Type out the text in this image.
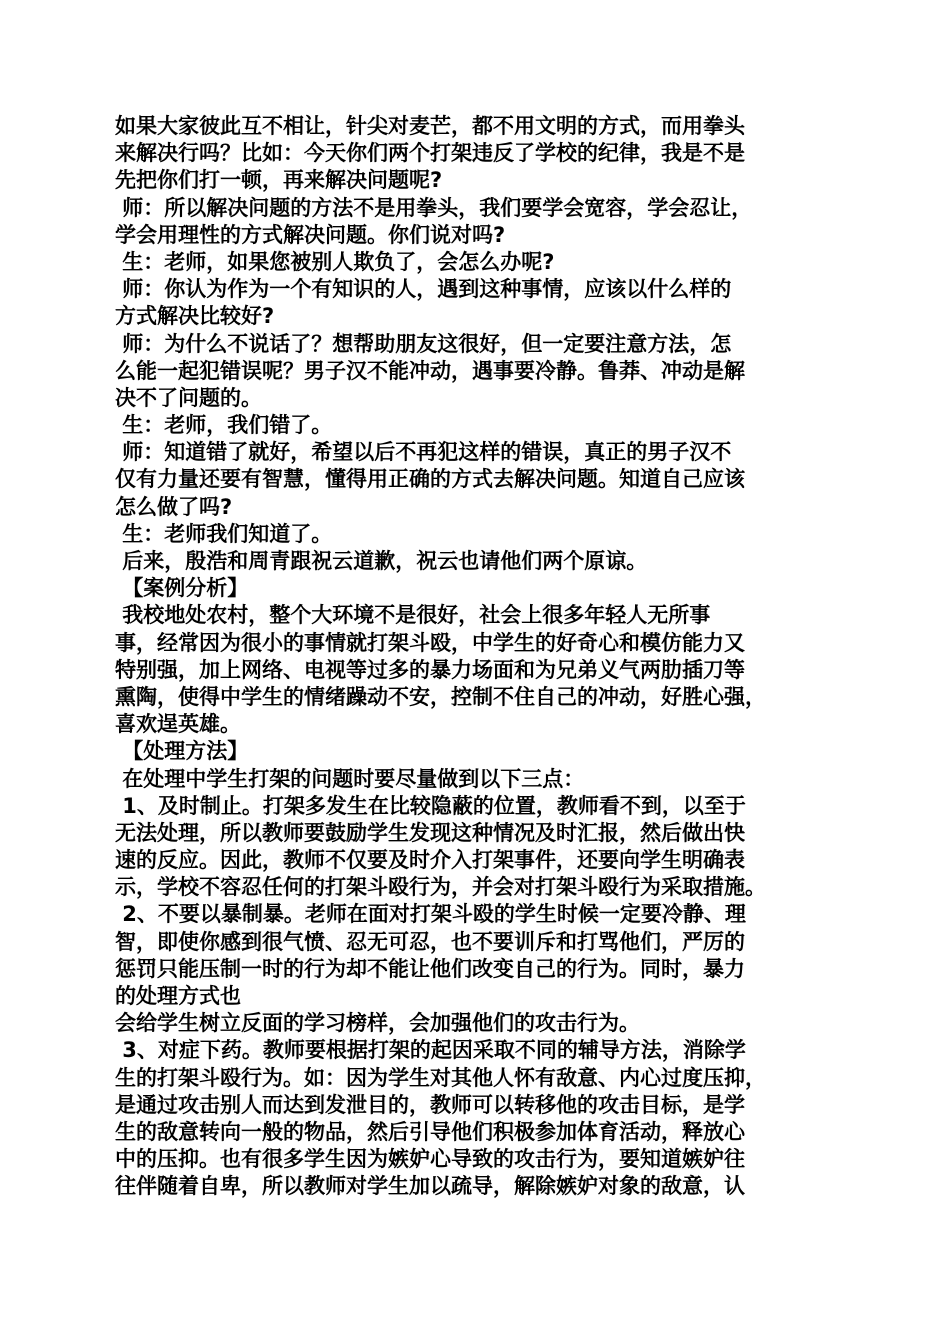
如果大家彼此互不相让，针尖对麦芒，都不用文明的方式，而用拳头
来解决行吗？比如：今天你们两个打架违反了学校的纪律，我是不是
先把你们打一顿，再来解决问题呢?
师：所以解决问题的方法不是用拳头，我们要学会宽容，学会忍让，
学会用理性的方式解决问题。你们说对吗?
生：老师，如果您被别人欺负了，会怎么办呢?
师：你认为作为一个有知识的人，遇到这种事情，应该以什么样的
方式解决比较好?
师：为什么不说话了？想帮助朋友这很好，但一定要注意方法，怎
么能一起犯错误呢？男子汉不能冲动，遇事要冷静。鲁莽、冲动是解
决不了问题的。
生：老师，我们错了。
师：知道错了就好，希望以后不再犯这样的错误，真正的男子汉不
仅有力量还要有智慧，懂得用正确的方式去解决问题。知道自己应该
怎么做了吗?
生：老师我们知道了。
后来，殷浩和周青跟祝云道歉，祝云也请他们两个原谅。
【案例分析】
我校地处农村，整个大环境不是很好，社会上很多年轻人无所事
事，经常因为很小的事情就打架斗殴，中学生的好奇心和模仿能力又
特别强，加上网络、电视等过多的暴力场面和为兄弟义气两肋插刀等
熏陶，使得中学生的情绪躁动不安，控制不住自己的冲动，好胜心强，
喜欢逞英雄。
【处理方法】
在处理中学生打架的问题时要尽量做到以下三点：
1、及时制止。打架多发生在比较隐蔽的位置，教师看不到，以至于
无法处理，所以教师要鼓励学生发现这种情况及时汇报，然后做出快
速的反应。因此，教师不仅要及时介入打架事件，还要向学生明确表
示，学校不容忍任何的打架斗殴行为，并会对打架斗殴行为采取措施。
2、不要以暴制暴。老师在面对打架斗殴的学生时候一定要冷静、理
智，即使你感到很气愤、忍无可忍，也不要训斥和打骂他们，严厉的
惩罚只能压制一时的行为却不能让他们改变自己的行为。同时，暴力
的处理方式也
会给学生树立反面的学习榜样，会加强他们的攻击行为。
3、对症下药。教师要根据打架的起因采取不同的辅导方法，消除学
生的打架斗殴行为。如：因为学生对其他人怀有敌意、内心过度压抑，
是通过攻击别人而达到发泄目的，教师可以转移他的攻击目标，是学
生的敌意转向一般的物品，然后引导他们积极参加体育活动，释放心
中的压抑。也有很多学生因为嫉妒心导致的攻击行为，要知道嫉妒往
往伴随着自卑，所以教师对学生加以疏导，解除嫉妒对象的敌意，认
